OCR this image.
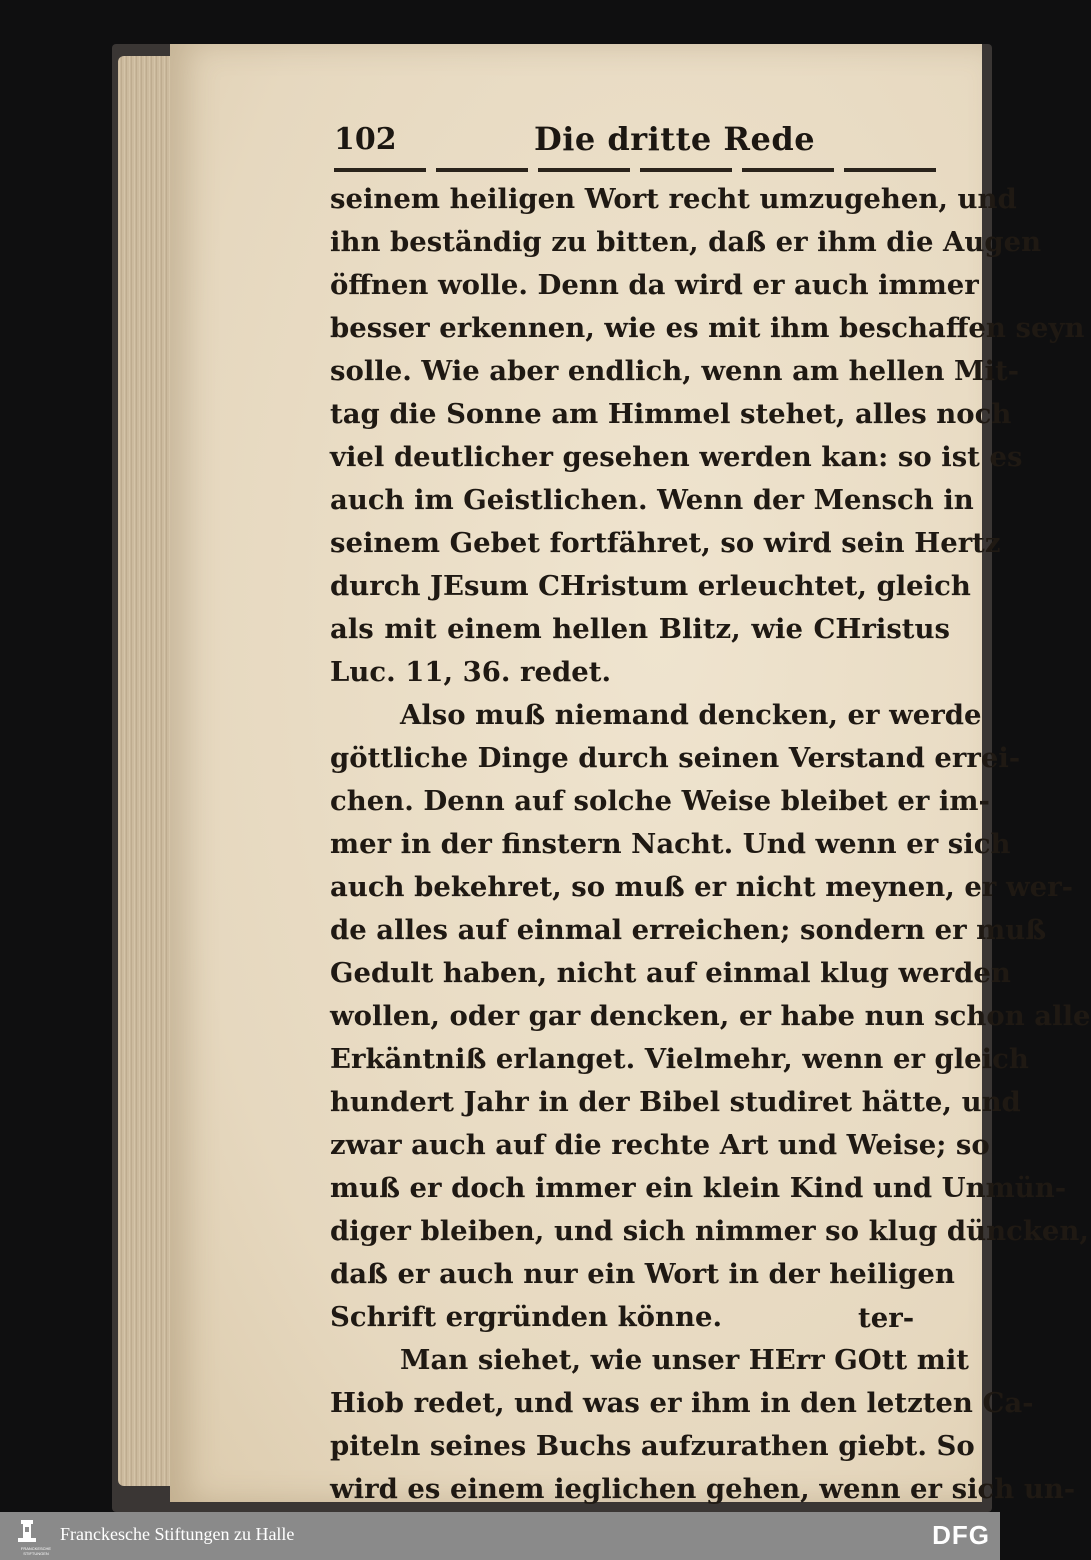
102	Die dritte Rede
seinem heiligen Wort recht umzugehen, und
ihn beständig zu bitten, daß er ihm die Augen
öffnen wolle. Denn da wird er auch immer
besser erkennen, wie es mit ihm beschaffen seyn
solle. Wie aber endlich, wenn am hellen Mit-
tag die Sonne am Himmel stehet, alles noch
viel deutlicher gesehen werden kan: so ist es
auch im Geistlichen. Wenn der Mensch in
seinem Gebet fortfähret, so wird sein Hertz
durch JEsum CHristum erleuchtet, gleich
als mit einem hellen Blitz, wie CHristus
Luc. 11, 36. redet.
Also muß niemand dencken, er werde
göttliche Dinge durch seinen Verstand errei-
chen. Denn auf solche Weise bleibet er im-
mer in der finstern Nacht. Und wenn er sich
auch bekehret, so muß er nicht meynen, er wer-
de alles auf einmal erreichen; sondern er muß
Gedult haben, nicht auf einmal klug werden
wollen, oder gar dencken, er habe nun schon alle
Erkäntniß erlanget. Vielmehr, wenn er gleich
hundert Jahr in der Bibel studiret hätte, und
zwar auch auf die rechte Art und Weise; so
muß er doch immer ein klein Kind und Unmün-
diger bleiben, und sich nimmer so klug düncken,
daß er auch nur ein Wort in der heiligen
Schrift ergründen könne.
Man siehet, wie unser HErr GOtt mit
Hiob redet, und was er ihm in den letzten Ca-
piteln seines Buchs aufzurathen giebt. So
wird es einem ieglichen gehen, wenn er sich un-
ter-
FRANCKESCHE STIFTUNGEN
Franckesche Stiftungen zu Halle	DFG
